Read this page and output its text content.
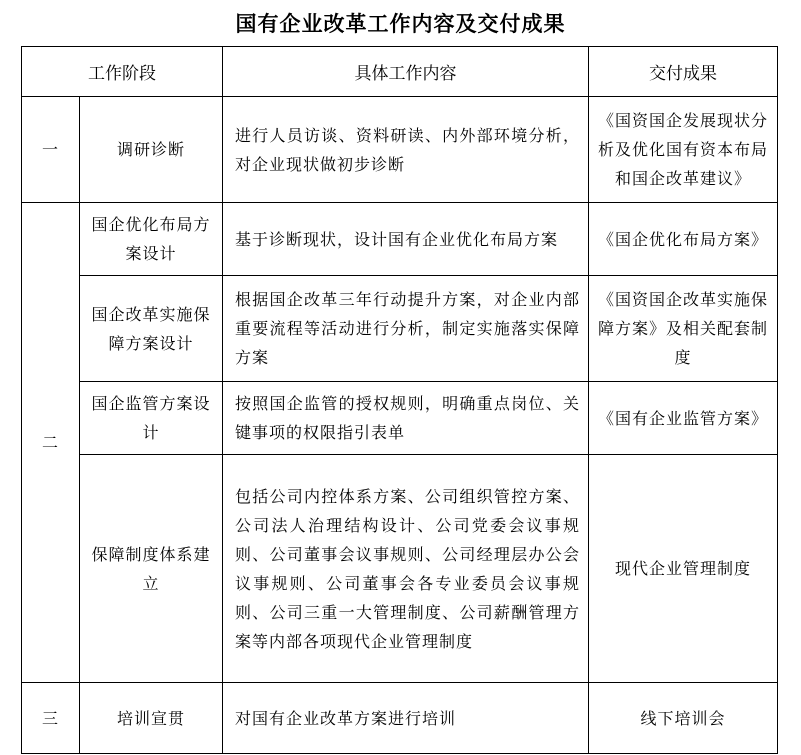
国有企业改革工作内容及交付成果
工作阶段		具体工作内容	交付成果

一	调研诊断	进行人员访谈、资料研读、内外部环境分析，对企业现状做初步诊断	《国资国企发展现状分析及优化国有资本布局和国企改革建议》

二	国企优化布局方案设计	基于诊断现状，设计国有企业优化布局方案	《国企优化布局方案》

	国企改革实施保障方案设计	根据国企改革三年行动提升方案，对企业内部重要流程等活动进行分析，制定实施落实保障方案	《国资国企改革实施保障方案》及相关配套制度

	国企监管方案设计	按照国企监管的授权规则，明确重点岗位、关键事项的权限指引表单	《国有企业监管方案》

	保障制度体系建立	包括公司内控体系方案、公司组织管控方案、公司法人治理结构设计、公司党委会议事规则、公司董事会议事规则、公司经理层办公会议事规则、公司董事会各专业委员会议事规则、公司三重一大管理制度、公司薪酬管理方案等内部各项现代企业管理制度	现代企业管理制度

三	培训宣贯	对国有企业改革方案进行培训	线下培训会
